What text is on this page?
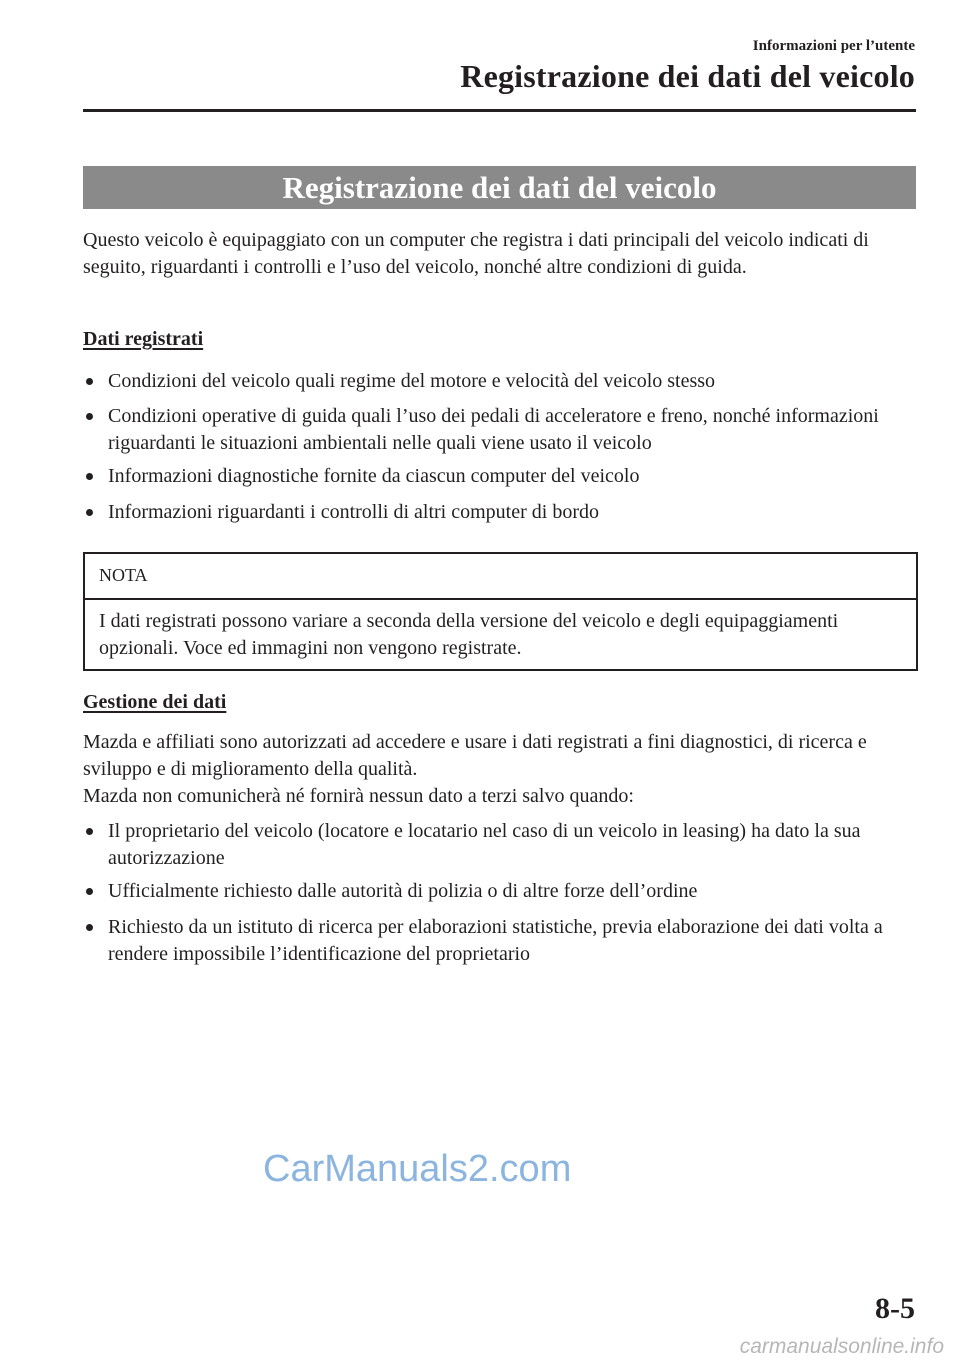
Informazioni per l’utente
Registrazione dei dati del veicolo
Registrazione dei dati del veicolo
Questo veicolo è equipaggiato con un computer che registra i dati principali del veicolo indicati di seguito, riguardanti i controlli e l’uso del veicolo, nonché altre condizioni di guida.
Dati registrati
Condizioni del veicolo quali regime del motore e velocità del veicolo stesso
Condizioni operative di guida quali l’uso dei pedali di acceleratore e freno, nonché informazioni riguardanti le situazioni ambientali nelle quali viene usato il veicolo
Informazioni diagnostiche fornite da ciascun computer del veicolo
Informazioni riguardanti i controlli di altri computer di bordo
NOTA
I dati registrati possono variare a seconda della versione del veicolo e degli equipaggiamenti opzionali. Voce ed immagini non vengono registrate.
Gestione dei dati
Mazda e affiliati sono autorizzati ad accedere e usare i dati registrati a fini diagnostici, di ricerca e sviluppo e di miglioramento della qualità.
Mazda non comunicherà né fornirà nessun dato a terzi salvo quando:
Il proprietario del veicolo (locatore e locatario nel caso di un veicolo in leasing) ha dato la sua autorizzazione
Ufficialmente richiesto dalle autorità di polizia o di altre forze dell’ordine
Richiesto da un istituto di ricerca per elaborazioni statistiche, previa elaborazione dei dati volta a rendere impossibile l’identificazione del proprietario
CarManuals2.com
8-5
carmanualsonline.info
